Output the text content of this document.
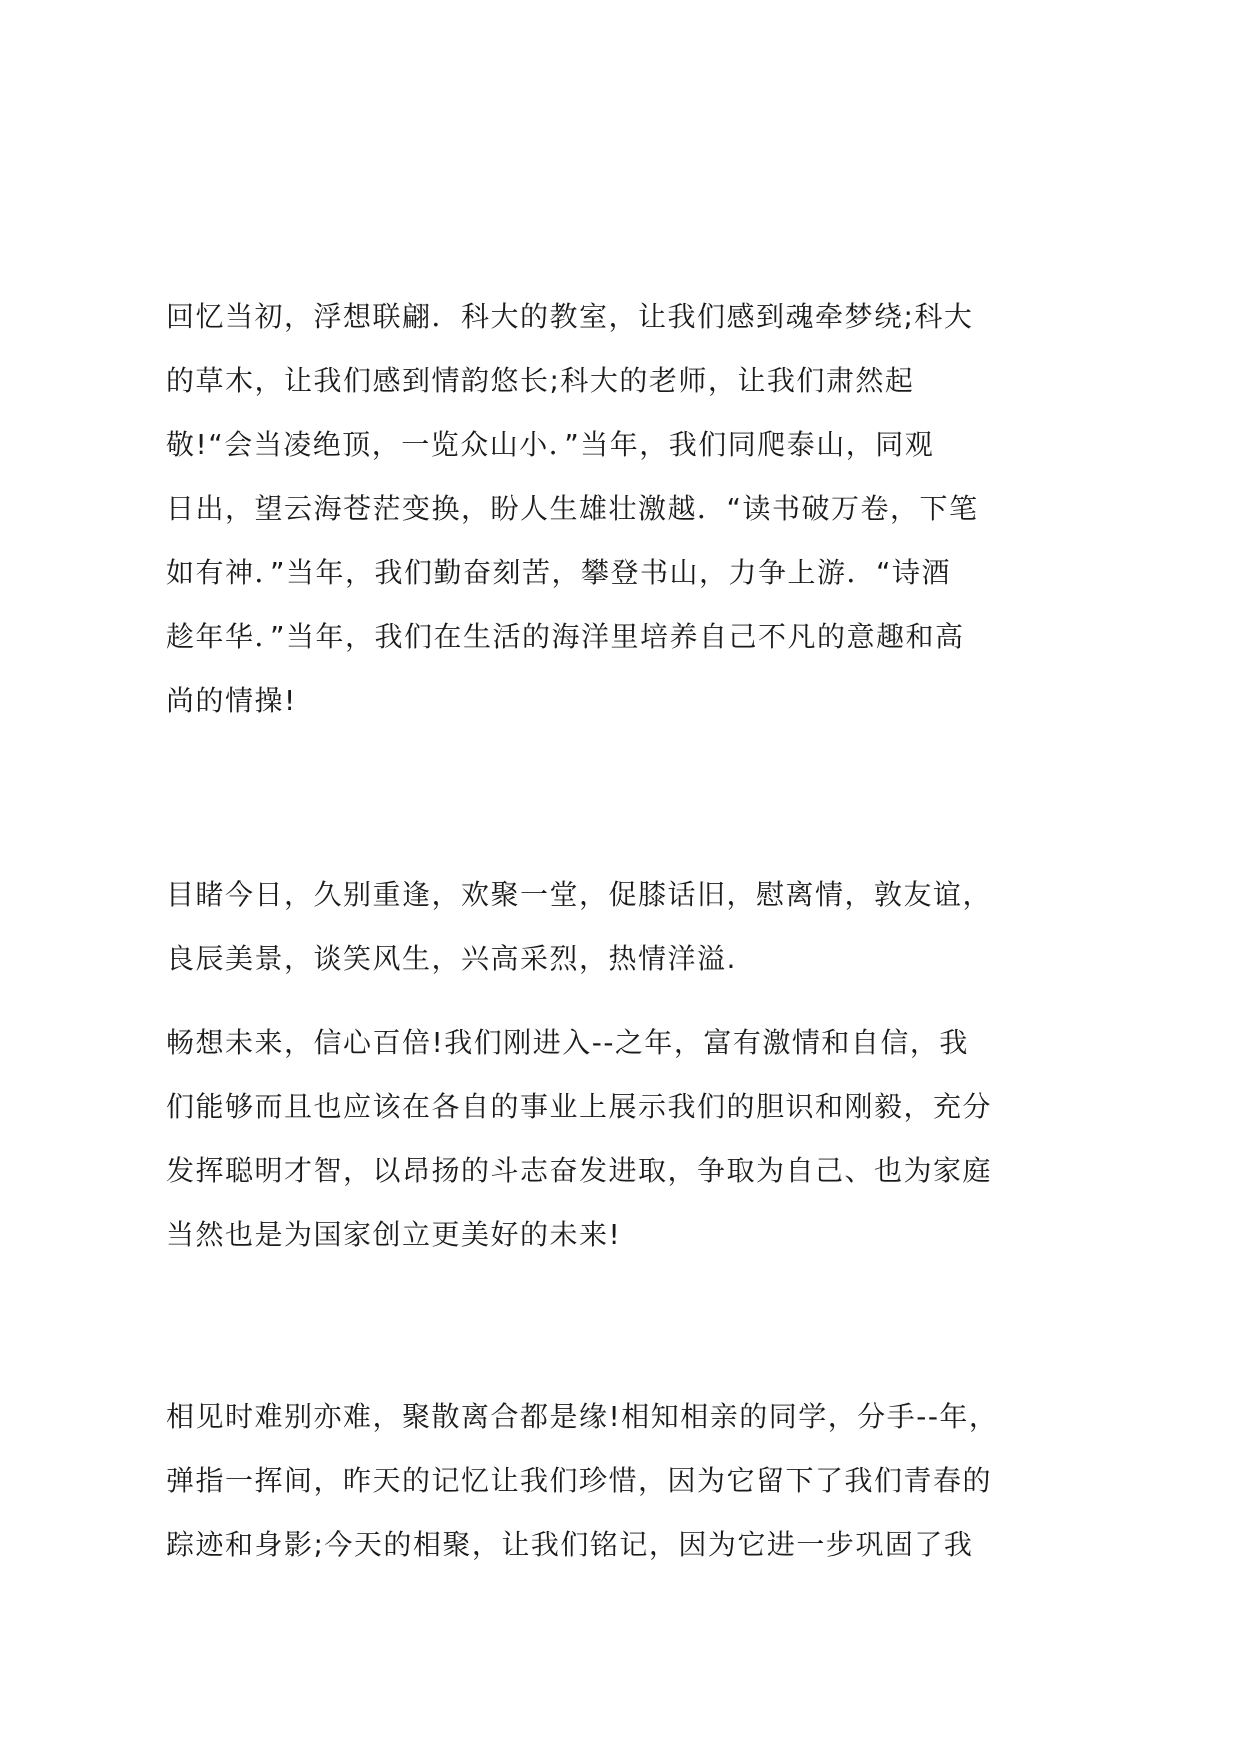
回忆当初，浮想联翩．科大的教室，让我们感到魂牵梦绕;科大
的草木，让我们感到情韵悠长;科大的老师，让我们肃然起
敬!“会当凌绝顶，一览众山小．”当年，我们同爬泰山，同观
日出，望云海苍茫变换，盼人生雄壮激越．“读书破万卷，下笔
如有神．”当年，我们勤奋刻苦，攀登书山，力争上游．“诗酒
趁年华．”当年，我们在生活的海洋里培养自己不凡的意趣和高
尚的情操!
目睹今日，久别重逢，欢聚一堂，促膝话旧，慰离情，敦友谊，
良辰美景，谈笑风生，兴高采烈，热情洋溢.
畅想未来，信心百倍!我们刚进入--之年，富有激情和自信，我
们能够而且也应该在各自的事业上展示我们的胆识和刚毅，充分
发挥聪明才智，以昂扬的斗志奋发进取，争取为自己、也为家庭
当然也是为国家创立更美好的未来!
相见时难别亦难，聚散离合都是缘!相知相亲的同学，分手--年，
弹指一挥间，昨天的记忆让我们珍惜，因为它留下了我们青春的
踪迹和身影;今天的相聚，让我们铭记，因为它进一步巩固了我
